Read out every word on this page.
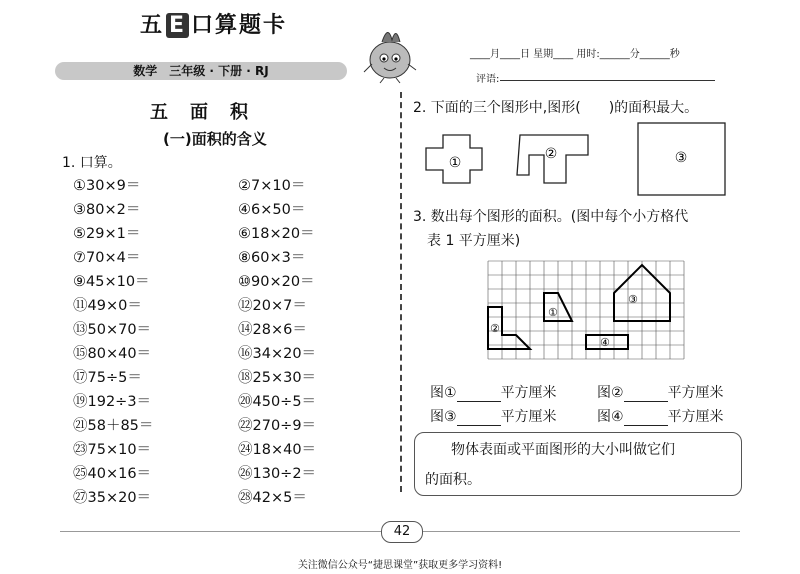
五 E 口算题卡
数学　三年级 · 下册 · RJ
____月____日 星期____ 用时:______分______秒
评语:
五面积
(一)面积的含义
1. 口算。
①30×9＝	②7×10＝
③80×2＝	④6×50＝
⑤29×1＝	⑥18×20＝
⑦70×4＝	⑧60×3＝
⑨45×10＝	⑩90×20＝
⑪49×0＝	⑫20×7＝
⑬50×70＝	⑭28×6＝
⑮80×40＝	⑯34×20＝
⑰75÷5＝	⑱25×30＝
⑲192÷3＝	⑳450÷5＝
㉑58＋85＝	㉒270÷9＝
㉓75×10＝	㉔18×40＝
㉕40×16＝	㉖130÷2＝
㉗35×20＝	㉘42×5＝
2. 下面的三个图形中,图形(　　)的面积最大。
①
②	③
3. 数出每个图形的面积。(图中每个小方格代
表 1 平方厘米)
①
②
③
④
图①	平方厘米	图②	平方厘米
图③	平方厘米	图④	平方厘米
物体表面或平面图形的大小叫做它们
的面积。
42
关注微信公众号“捷思课堂”获取更多学习资料!
